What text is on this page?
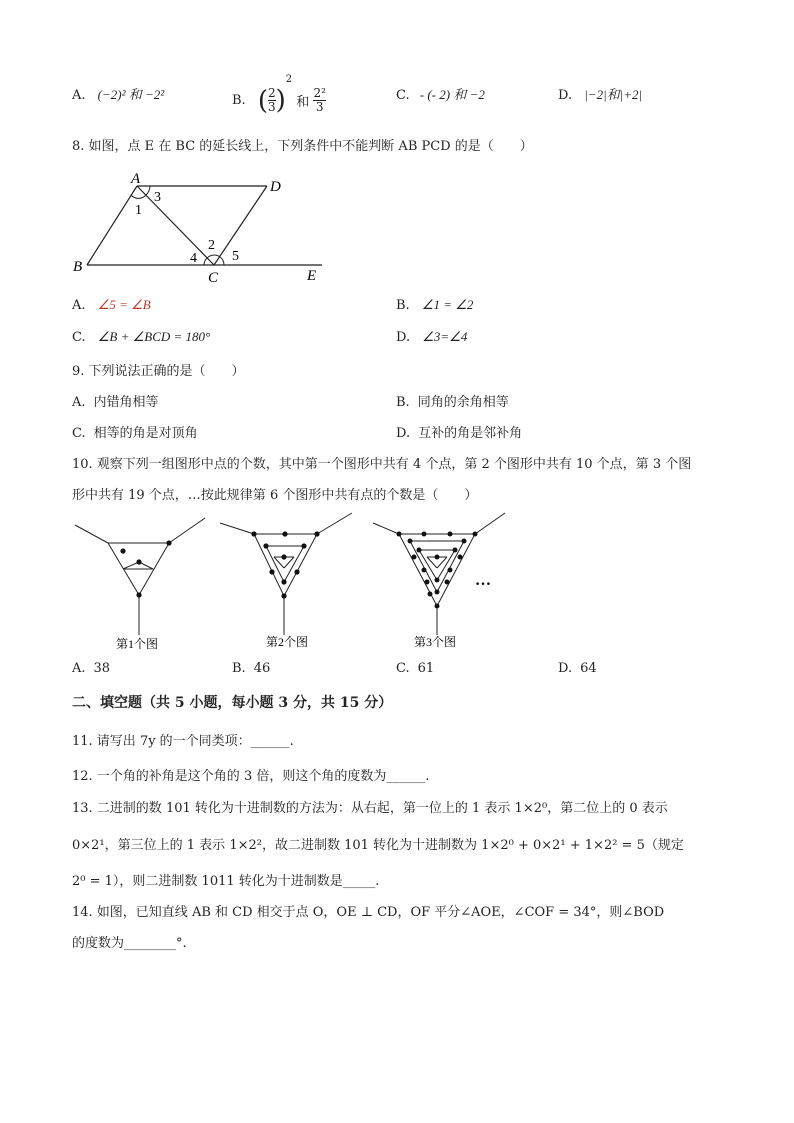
A. (−2)² 和 −2²	B. ( $\frac{2}{3} )^2$ 和 $\frac{\text{2²}}{3}$	C. - (- 2) 和 −2	D. |−2|和|+2|
8. 如图，点 E 在 BC 的延长线上，下列条件中不能判断 AB PCD 的是（　　）
A
B
C
D
E
1
2
3
4	5
A. ∠5 = ∠B	B. ∠1 = ∠2
C. ∠B + ∠BCD = 180°	D. ∠3=∠4
9. 下列说法正确的是（　　）
A. 内错角相等	B. 同角的余角相等
C. 相等的角是对顶角	D. 互补的角是邻补角
10. 观察下列一组图形中点的个数，其中第一个图形中共有 4 个点，第 2 个图形中共有 10 个点，第 3 个图
形中共有 19 个点，…按此规律第 6 个图形中共有点的个数是（　　）
第1个图	第2个图
…
第3个图
A. 38	B. 46	C. 61	D. 64
二、填空题（共 5 小题，每小题 3 分，共 15 分）
11. 请写出 7y 的一个同类项：______.
12. 一个角的补角是这个角的 3 倍，则这个角的度数为______.
13. 二进制的数 101 转化为十进制数的方法为：从右起，第一位上的 1 表示 1×2⁰，第二位上的 0 表示
0×2¹，第三位上的 1 表示 1×2²，故二进制数 101 转化为十进制数为 1×2⁰ + 0×2¹ + 1×2² = 5（规定
2⁰ = 1），则二进制数 1011 转化为十进制数是_____.
14. 如图，已知直线 AB 和 CD 相交于点 O，OE ⊥ CD，OF 平分∠AOE，∠COF = 34°，则∠BOD
的度数为________°.
